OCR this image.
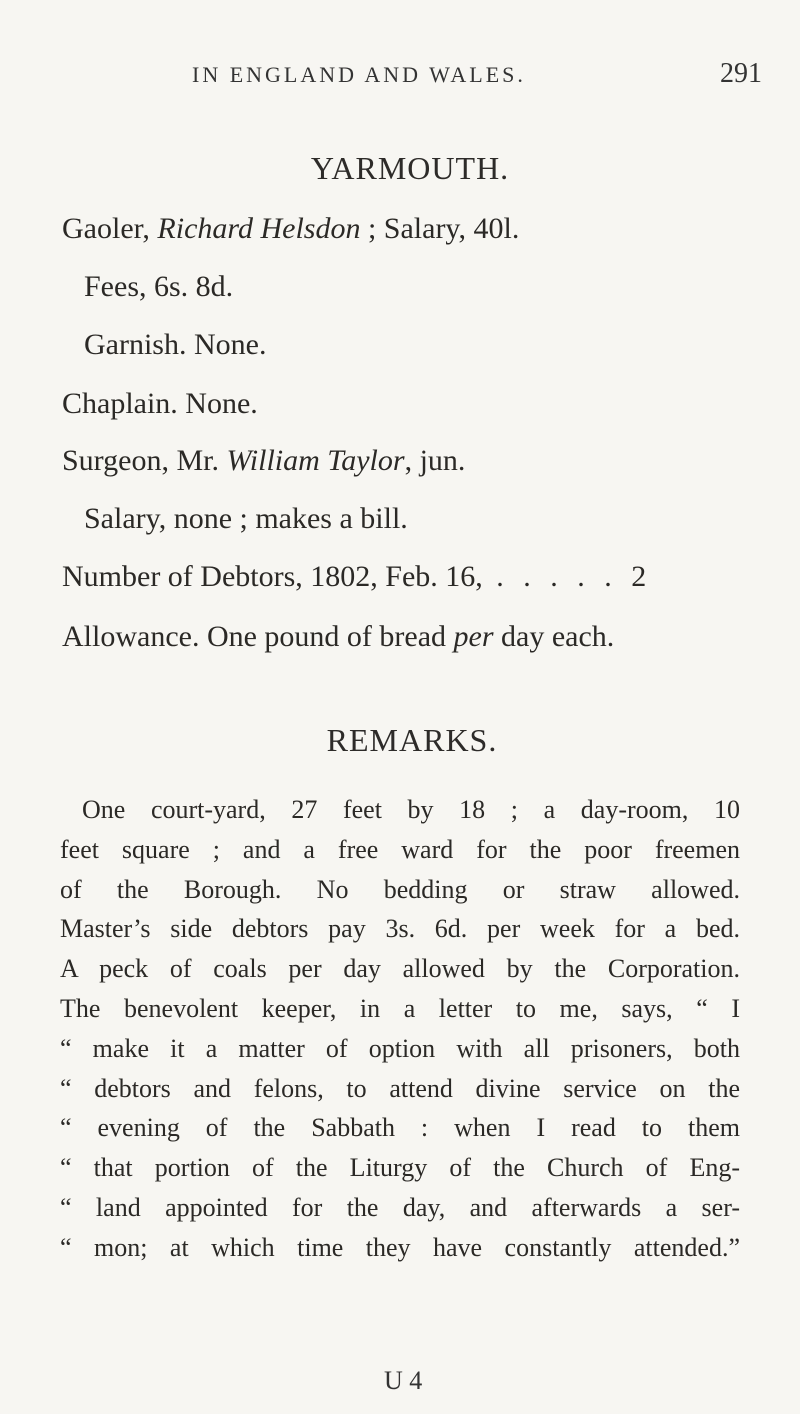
IN ENGLAND AND WALES.	291
YARMOUTH.
Gaoler, Richard Helsdon ; Salary, 40l.
Fees, 6s. 8d.
Garnish. None.
Chaplain. None.
Surgeon, Mr. William Taylor, jun.
Salary, none ; makes a bill.
Number of Debtors, 1802, Feb. 16, . . . . . 2
Allowance. One pound of bread per day each.
REMARKS.
One court-yard, 27 feet by 18 ; a day-room, 10
feet square ; and a free ward for the poor freemen
of the Borough. No bedding or straw allowed.
Master’s side debtors pay 3s. 6d. per week for a bed.
A peck of coals per day allowed by the Corporation.
The benevolent keeper, in a letter to me, says, “ I
“ make it a matter of option with all prisoners, both
“ debtors and felons, to attend divine service on the
“ evening of the Sabbath : when I read to them
“ that portion of the Liturgy of the Church of Eng-
“ land appointed for the day, and afterwards a ser-
“ mon; at which time they have constantly attended.”
U 4
